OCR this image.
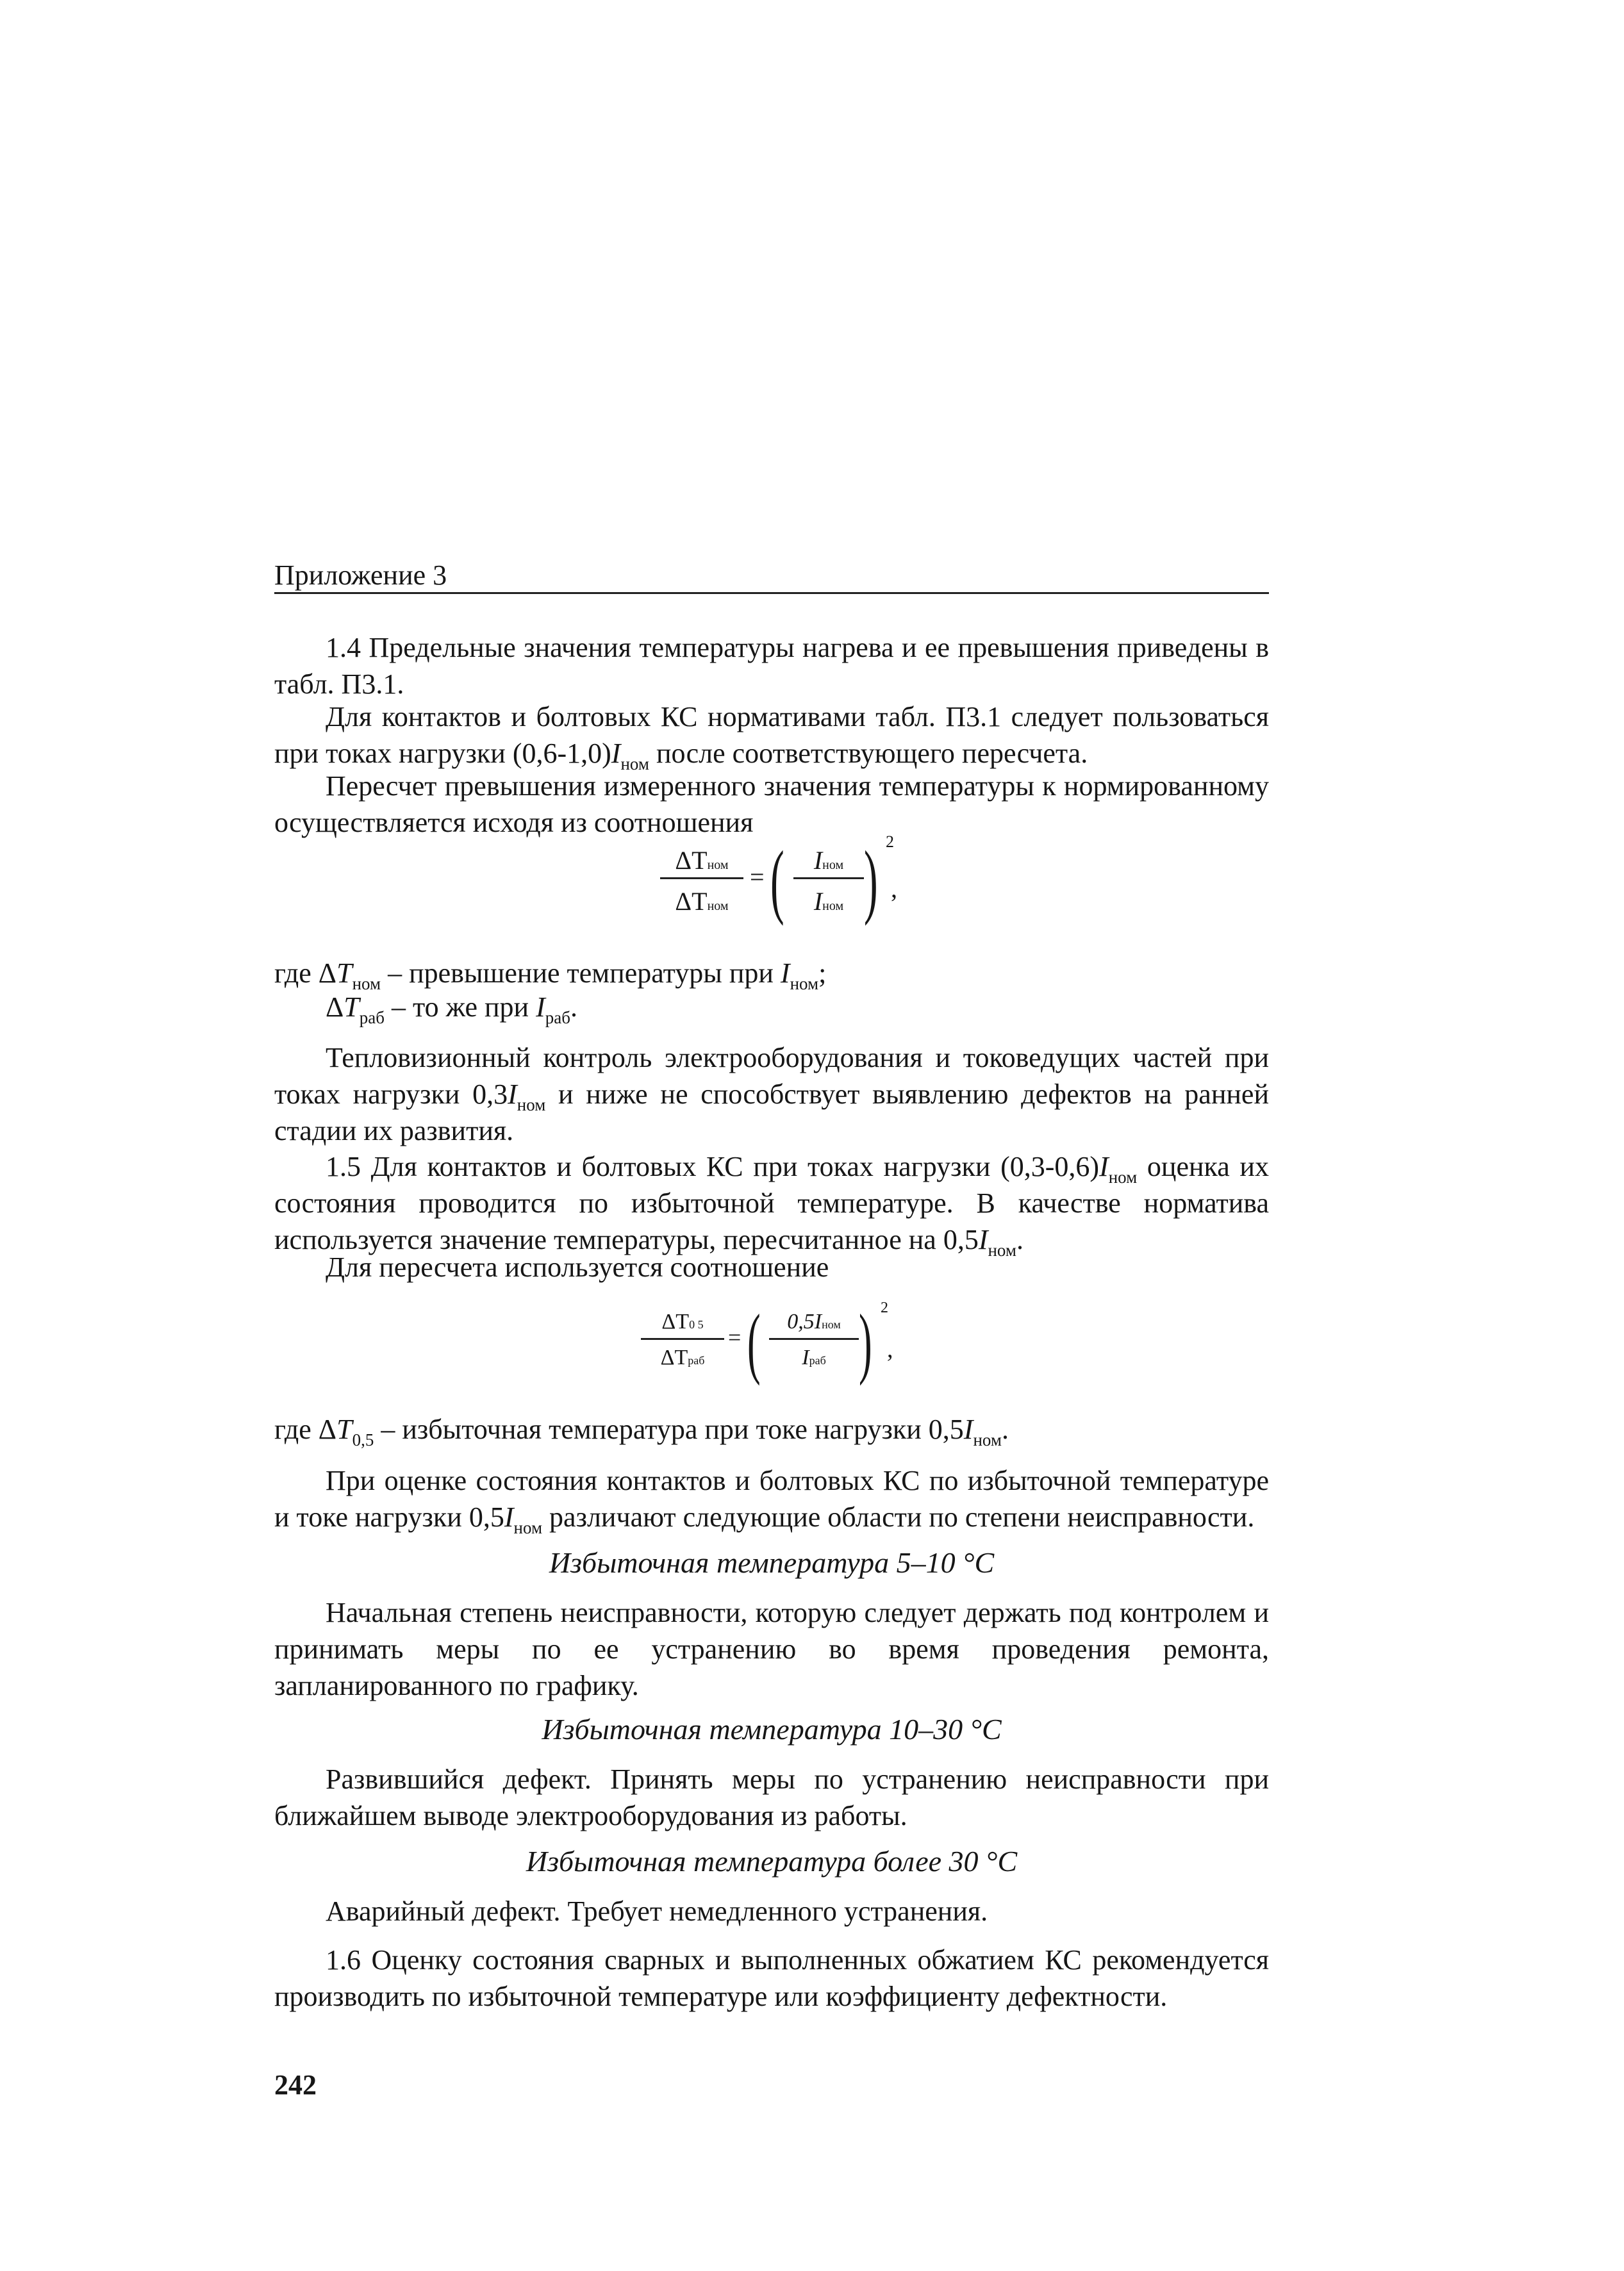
Приложение 3
1.4 Предельные значения температуры нагрева и ее превышения приведены в табл. П3.1.
Для контактов и болтовых КС нормативами табл. П3.1 следует пользоваться при токах нагрузки $(0,6-1,0)I_{ном}$ после соответствующего пересчета.
Пересчет превышения измеренного значения температуры к нормированному осуществляется исходя из соотношения
ΔTном
ΔTном
= (	Iном
Iном ) 2
,
где $\Delta T_{ном}$ – превышение температуры при $I_{ном}$;
$\Delta T_{раб}$ – то же при $I_{раб}$.
Тепловизионный контроль электрооборудования и токоведущих частей при токах нагрузки $0,3I_{ном}$ и ниже не способствует выявлению дефектов на ранней стадии их развития.
1.5 Для контактов и болтовых КС при токах нагрузки $(0,3-0,6)I_{ном}$ оценка их состояния проводится по избыточной температуре. В качестве норматива используется значение температуры, пересчитанное на $0,5I_{ном}$.
Для пересчета используется соотношение
ΔT0 5
ΔTраб
= (	0,5Iном
Iраб ) 2
,
где $\Delta T_{0,5}$ – избыточная температура при токе нагрузки $0,5I_{ном}$.
При оценке состояния контактов и болтовых КС по избыточной температуре и токе нагрузки $0,5I_{ном}$ различают следующие области по степени неисправности.
Избыточная температура 5–10 °С
Начальная степень неисправности, которую следует держать под контролем и принимать меры по ее устранению во время проведения ремонта, запланированного по графику.
Избыточная температура 10–30 °С
Развившийся дефект. Принять меры по устранению неисправности при ближайшем выводе электрооборудования из работы.
Избыточная температура более 30 °С
Аварийный дефект. Требует немедленного устранения.
1.6 Оценку состояния сварных и выполненных обжатием КС рекомендуется производить по избыточной температуре или коэффициенту дефектности.
242
